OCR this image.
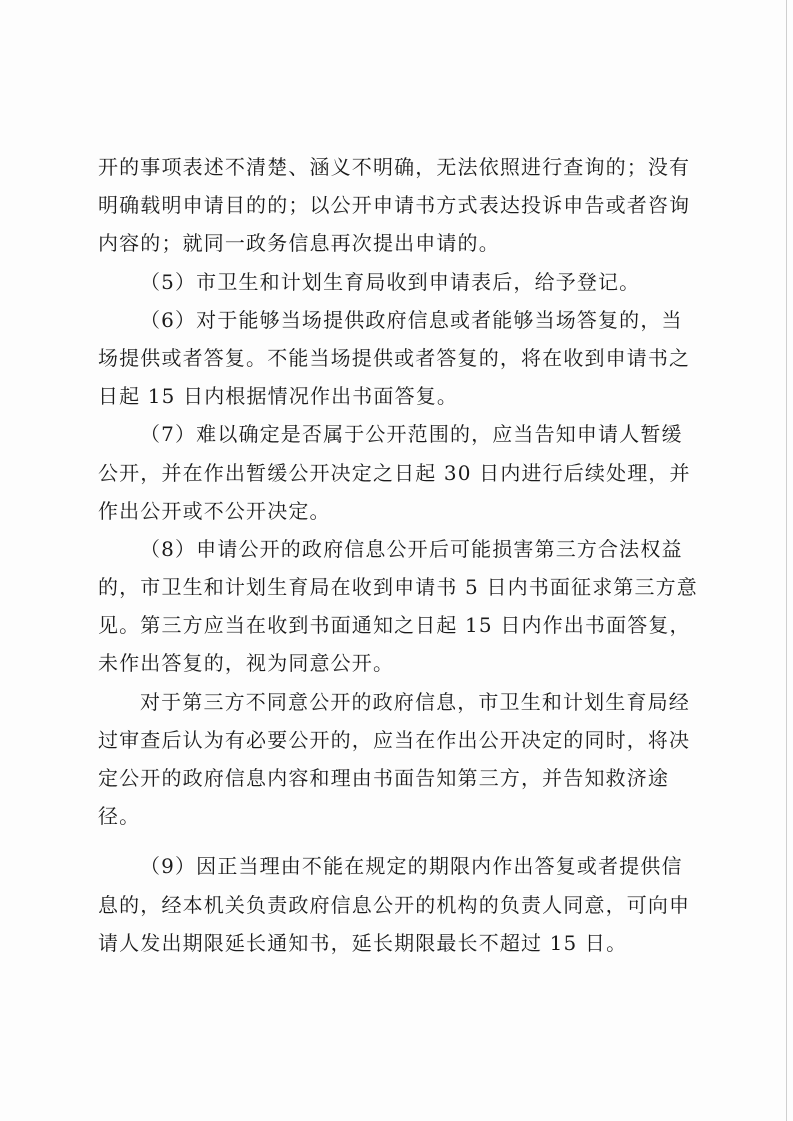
开的事项表述不清楚、涵义不明确，无法依照进行查询的；没有
明确载明申请目的的；以公开申请书方式表达投诉申告或者咨询
内容的；就同一政务信息再次提出申请的。
（5）市卫生和计划生育局收到申请表后，给予登记。
（6）对于能够当场提供政府信息或者能够当场答复的，当
场提供或者答复。不能当场提供或者答复的，将在收到申请书之
日起 15 日内根据情况作出书面答复。
（7）难以确定是否属于公开范围的，应当告知申请人暂缓
公开，并在作出暂缓公开决定之日起 30 日内进行后续处理，并
作出公开或不公开决定。
（8）申请公开的政府信息公开后可能损害第三方合法权益
的，市卫生和计划生育局在收到申请书 5 日内书面征求第三方意
见。第三方应当在收到书面通知之日起 15 日内作出书面答复，
未作出答复的，视为同意公开。
对于第三方不同意公开的政府信息，市卫生和计划生育局经
过审查后认为有必要公开的，应当在作出公开决定的同时，将决
定公开的政府信息内容和理由书面告知第三方，并告知救济途
径。
（9）因正当理由不能在规定的期限内作出答复或者提供信
息的，经本机关负责政府信息公开的机构的负责人同意，可向申
请人发出期限延长通知书，延长期限最长不超过 15 日。
